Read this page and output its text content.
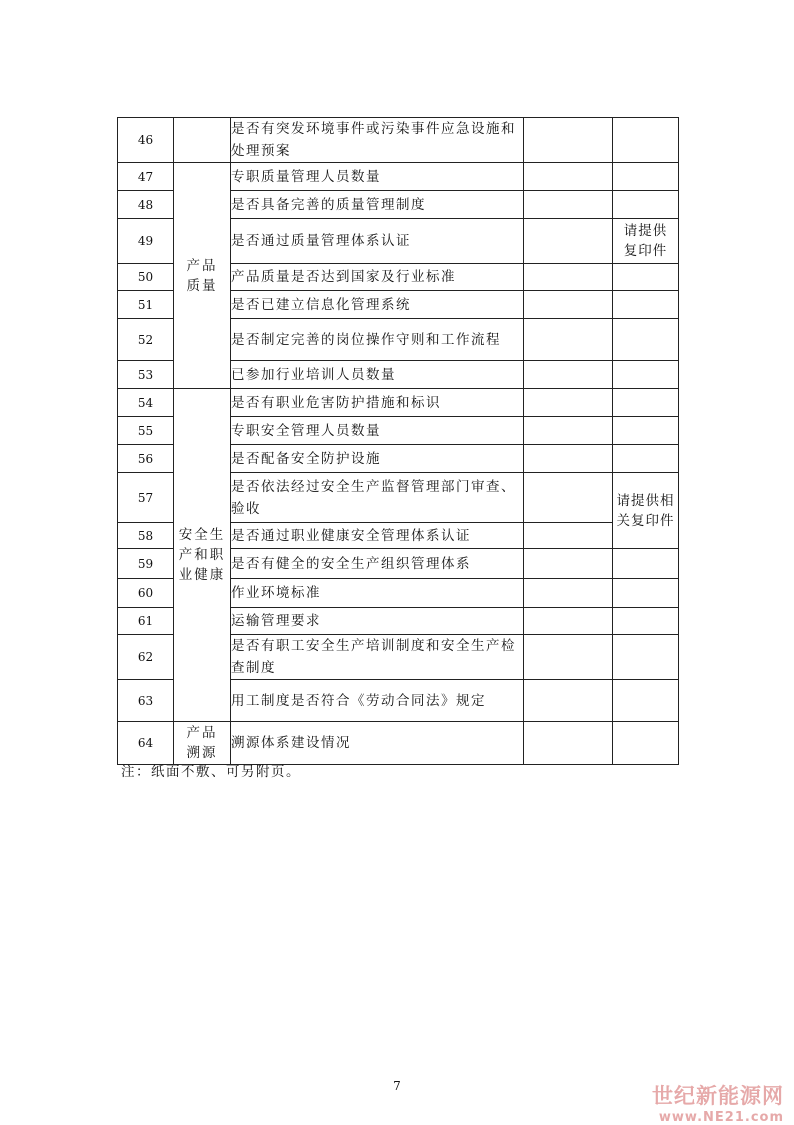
46		是否有突发环境事件或污染事件应急设施和处理预案		
47	产品质量	专职质量管理人员数量		
48		是否具备完善的质量管理制度		
49		是否通过质量管理体系认证		请提供复印件
50		产品质量是否达到国家及行业标准		
51		是否已建立信息化管理系统		
52		是否制定完善的岗位操作守则和工作流程		
53		已参加行业培训人员数量		
54	安全生产和职业健康	是否有职业危害防护措施和标识		
55		专职安全管理人员数量		
56		是否配备安全防护设施		
57		是否依法经过安全生产监督管理部门审查、验收		请提供相关复印件
58		是否通过职业健康安全管理体系认证		
59		是否有健全的安全生产组织管理体系		
60		作业环境标准		
61		运输管理要求		
62		是否有职工安全生产培训制度和安全生产检查制度		
63		用工制度是否符合《劳动合同法》规定		
64	产品溯源	溯源体系建设情况		
注：纸面不敷、可另附页。
7	世纪新能源网
www.NE21.com
